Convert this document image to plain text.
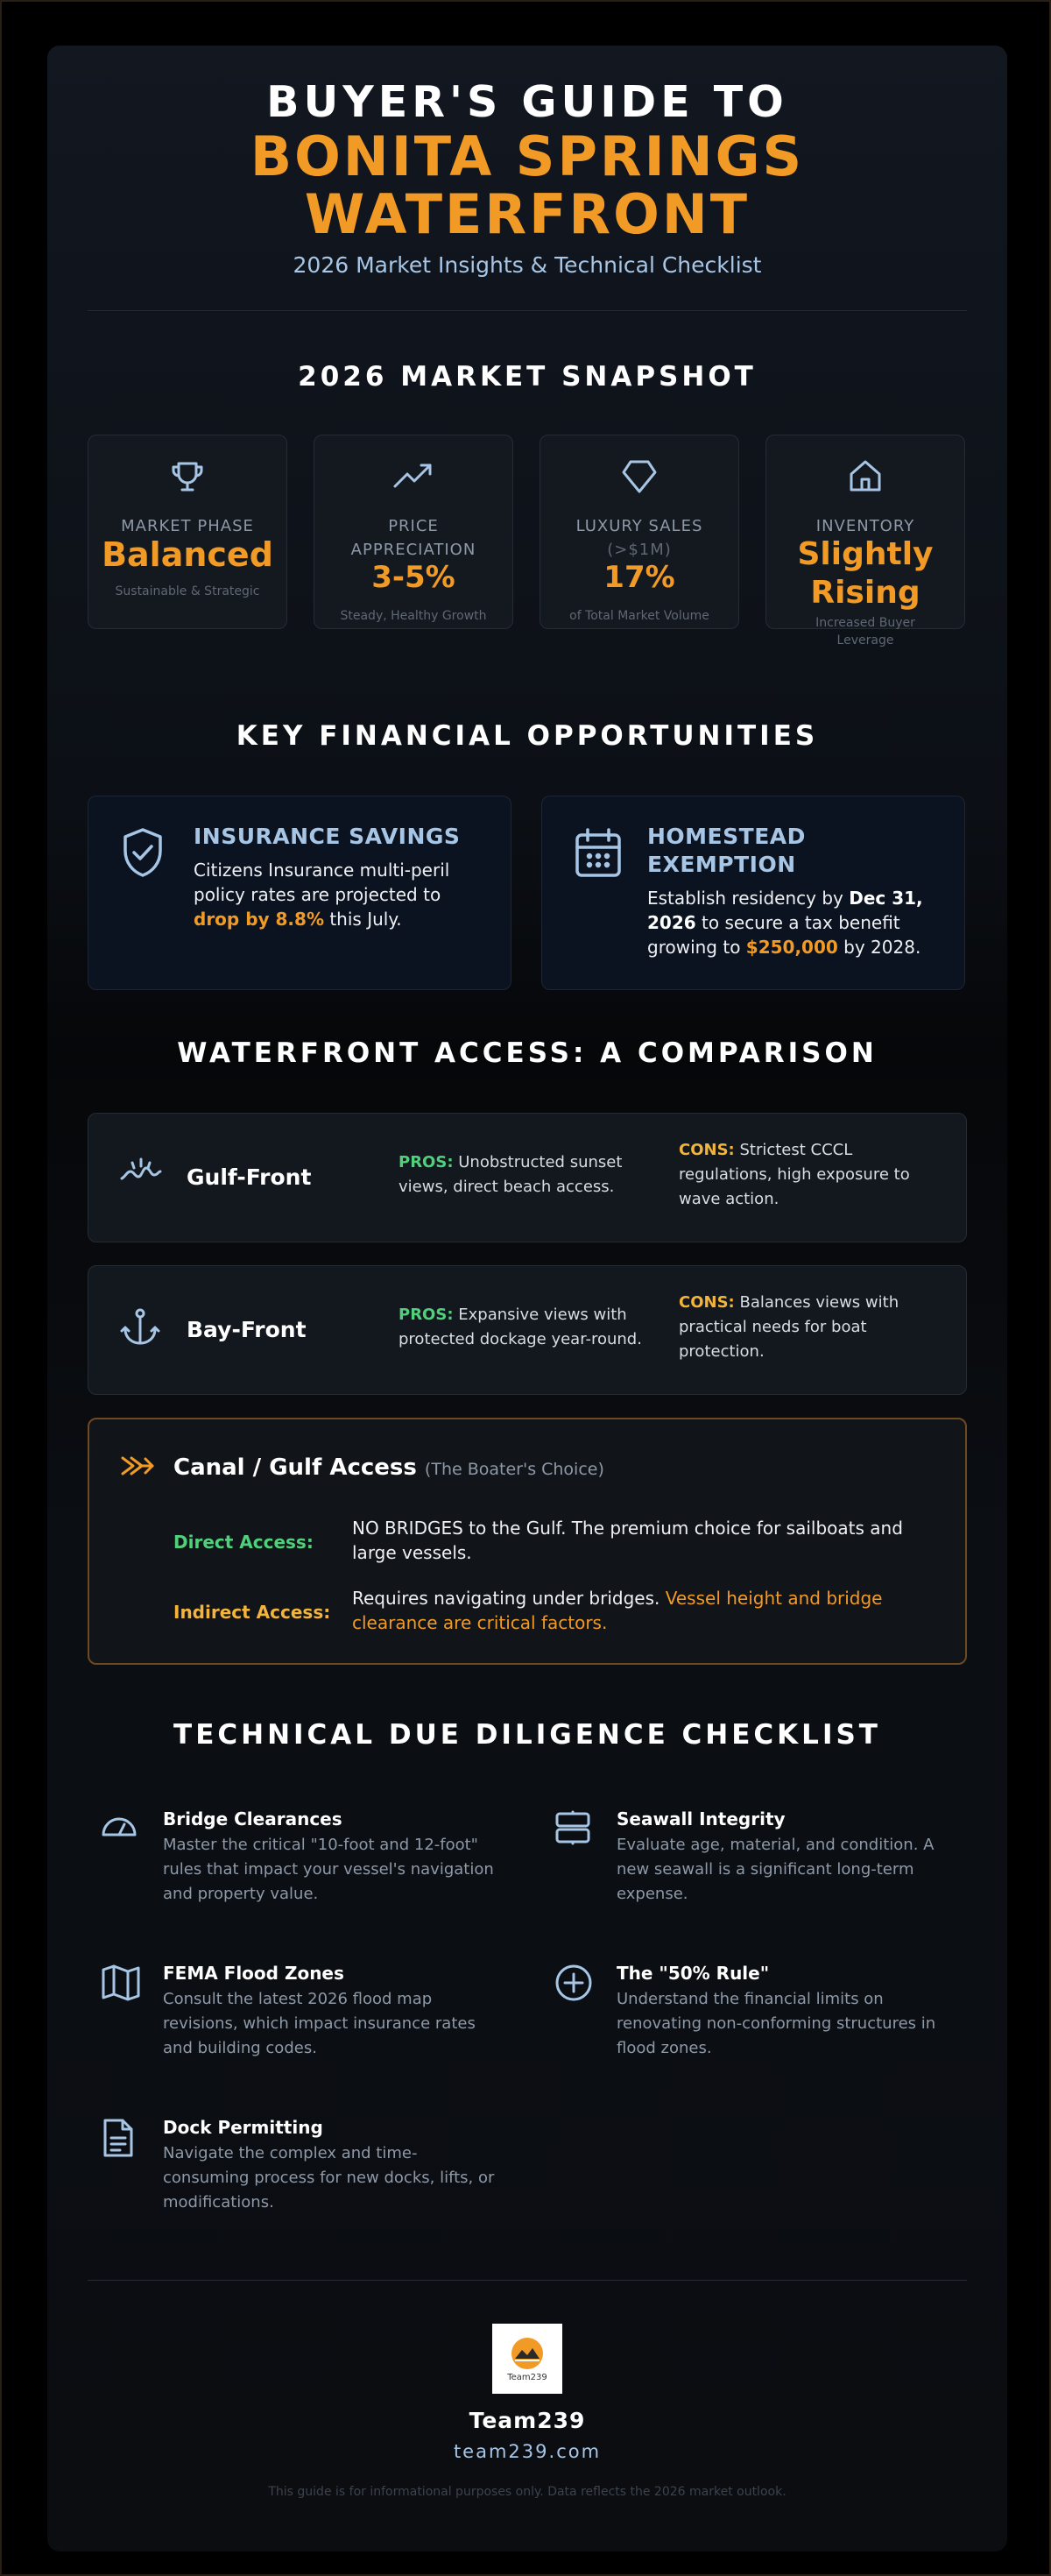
BUYER'S GUIDE TO
BONITA SPRINGS
WATERFRONT
2026 Market Insights & Technical Checklist
2026 MARKET SNAPSHOT
MARKET PHASE
Balanced
Sustainable & Strategic
PRICE
APPRECIATION
3-5%
Steady, Healthy Growth
LUXURY SALES
(>$1M)
17%
of Total Market Volume
INVENTORY
Slightly
Rising
Increased Buyer
Leverage
KEY FINANCIAL OPPORTUNITIES
INSURANCE SAVINGS
Citizens Insurance multi-peril
policy rates are projected to
drop by 8.8% this July.
HOMESTEAD
EXEMPTION
Establish residency by Dec 31,
2026 to secure a tax benefit
growing to $250,000 by 2028.
WATERFRONT ACCESS: A COMPARISON
Gulf-Front
PROS: Unobstructed sunset
views, direct beach access.
CONS: Strictest CCCL
regulations, high exposure to
wave action.
Bay-Front
PROS: Expansive views with
protected dockage year-round.
CONS: Balances views with
practical needs for boat
protection.
Canal / Gulf Access (The Boater's Choice)
Direct Access:
NO BRIDGES to the Gulf. The premium choice for sailboats and
large vessels.
Indirect Access:
Requires navigating under bridges. Vessel height and bridge
clearance are critical factors.
TECHNICAL DUE DILIGENCE CHECKLIST
Bridge Clearances
Master the critical "10-foot and 12-foot"
rules that impact your vessel's navigation
and property value.
Seawall Integrity
Evaluate age, material, and condition. A
new seawall is a significant long-term
expense.
FEMA Flood Zones
Consult the latest 2026 flood map
revisions, which impact insurance rates
and building codes.
The "50% Rule"
Understand the financial limits on
renovating non-conforming structures in
flood zones.
Dock Permitting
Navigate the complex and time-
consuming process for new docks, lifts, or
modifications.
Team239
Team239
team239.com
This guide is for informational purposes only. Data reflects the 2026 market outlook.
